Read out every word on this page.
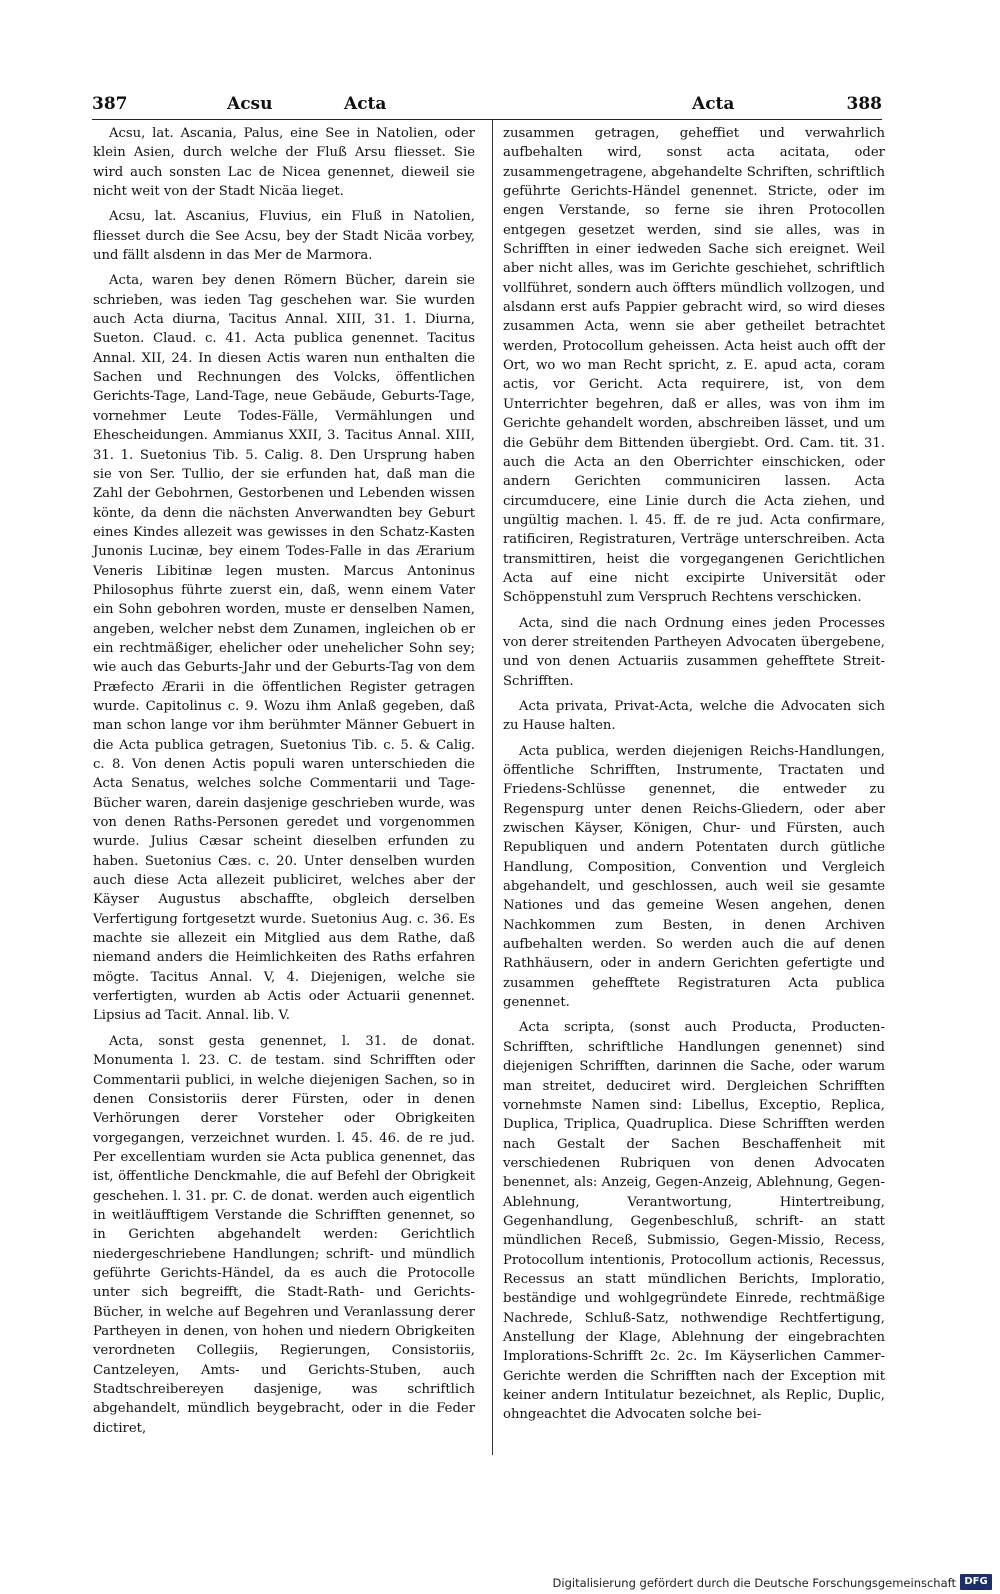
387	Acsu	Acta	Acta	388

Acsu, lat. Ascania, Palus, eine See in Natolien, oder klein Asien, durch welche der Fluß Arsu fliesset. Sie wird auch sonsten Lac de Nicea genennet, dieweil sie nicht weit von der Stadt Nicäa lieget.

Acsu, lat. Ascanius, Fluvius, ein Fluß in Natolien, fliesset durch die See Acsu, bey der Stadt Nicäa vorbey, und fällt alsdenn in das Mer de Marmora.

Acta, waren bey denen Römern Bücher, darein sie schrieben, was ieden Tag geschehen war. Sie wurden auch Acta diurna, Tacitus Annal. XIII, 31. 1. Diurna, Sueton. Claud. c. 41. Acta publica genennet. Tacitus Annal. XII, 24. In diesen Actis waren nun enthalten die Sachen und Rechnungen des Volcks, öffentlichen Gerichts-Tage, Land-Tage, neue Gebäude, Geburts-Tage, vornehmer Leute Todes-Fälle, Vermählungen und Ehescheidungen. Ammianus XXII, 3. Tacitus Annal. XIII, 31. 1. Suetonius Tib. 5. Calig. 8. Den Ursprung haben sie von Ser. Tullio, der sie erfunden hat, daß man die Zahl der Gebohrnen, Gestorbenen und Lebenden wissen könte, da denn die nächsten Anverwandten bey Geburt eines Kindes allezeit was gewisses in den Schatz-Kasten Junonis Lucinæ, bey einem Todes-Falle in das Ærarium Veneris Libitinæ legen musten. Marcus Antoninus Philosophus führte zuerst ein, daß, wenn einem Vater ein Sohn gebohren worden, muste er denselben Namen, angeben, welcher nebst dem Zunamen, ingleichen ob er ein rechtmäßiger, ehelicher oder unehelicher Sohn sey; wie auch das Geburts-Jahr und der Geburts-Tag von dem Præfecto Ærarii in die öffentlichen Register getragen wurde. Capitolinus c. 9. Wozu ihm Anlaß gegeben, daß man schon lange vor ihm berühmter Männer Gebuert in die Acta publica getragen, Suetonius Tib. c. 5. & Calig. c. 8. Von denen Actis populi waren unterschieden die Acta Senatus, welches solche Commentarii und Tage-Bücher waren, darein dasjenige geschrieben wurde, was von denen Raths-Personen geredet und vorgenommen wurde. Julius Cæsar scheint dieselben erfunden zu haben. Suetonius Cæs. c. 20. Unter denselben wurden auch diese Acta allezeit publiciret, welches aber der Käyser Augustus abschaffte, obgleich derselben Verfertigung fortgesetzt wurde. Suetonius Aug. c. 36. Es machte sie allezeit ein Mitglied aus dem Rathe, daß niemand anders die Heimlichkeiten des Raths erfahren mögte. Tacitus Annal. V, 4. Diejenigen, welche sie verfertigten, wurden ab Actis oder Actuarii genennet. Lipsius ad Tacit. Annal. lib. V.

Acta, sonst gesta genennet, l. 31. de donat. Monumenta l. 23. C. de testam. sind Schrifften oder Commentarii publici, in welche diejenigen Sachen, so in denen Consistoriis derer Fürsten, oder in denen Verhörungen derer Vorsteher oder Obrigkeiten vorgegangen, verzeichnet wurden. l. 45. 46. de re jud. Per excellentiam wurden sie Acta publica genennet, das ist, öffentliche Denckmahle, die auf Befehl der Obrigkeit geschehen. l. 31. pr. C. de donat. werden auch eigentlich in weitläufftigem Verstande die Schrifften genennet, so in Gerichten abgehandelt werden: Gerichtlich niedergeschriebene Handlungen; schrift- und mündlich geführte Gerichts-Händel, da es auch die Protocolle unter sich begreifft, die Stadt-Rath- und Gerichts-Bücher, in welche auf Begehren und Veranlassung derer Partheyen in denen, von hohen und niedern Obrigkeiten verordneten Collegiis, Regierungen, Consistoriis, Cantzeleyen, Amts- und Gerichts-Stuben, auch Stadtschreibereyen dasjenige, was schriftlich abgehandelt, mündlich beygebracht, oder in die Feder dictiret,

zusammen getragen, geheffiet und verwahrlich aufbehalten wird, sonst acta acitata, oder zusammengetragene, abgehandelte Schriften, schriftlich geführte Gerichts-Händel genennet. Stricte, oder im engen Verstande, so ferne sie ihren Protocollen entgegen gesetzet werden, sind sie alles, was in Schrifften in einer iedweden Sache sich ereignet. Weil aber nicht alles, was im Gerichte geschiehet, schriftlich vollführet, sondern auch öffters mündlich vollzogen, und alsdann erst aufs Pappier gebracht wird, so wird dieses zusammen Acta, wenn sie aber getheilet betrachtet werden, Protocollum geheissen. Acta heist auch offt der Ort, wo wo man Recht spricht, z. E. apud acta, coram actis, vor Gericht. Acta requirere, ist, von dem Unterrichter begehren, daß er alles, was von ihm im Gerichte gehandelt worden, abschreiben lässet, und um die Gebühr dem Bittenden übergiebt. Ord. Cam. tit. 31. auch die Acta an den Oberrichter einschicken, oder andern Gerichten communiciren lassen. Acta circumducere, eine Linie durch die Acta ziehen, und ungültig machen. l. 45. ff. de re jud. Acta confirmare, ratificiren, Registraturen, Verträge unterschreiben. Acta transmittiren, heist die vorgegangenen Gerichtlichen Acta auf eine nicht excipirte Universität oder Schöppenstuhl zum Verspruch Rechtens verschicken.

Acta, sind die nach Ordnung eines jeden Processes von derer streitenden Partheyen Advocaten übergebene, und von denen Actuariis zusammen gehefftete Streit-Schrifften.

Acta privata, Privat-Acta, welche die Advocaten sich zu Hause halten.

Acta publica, werden diejenigen Reichs-Handlungen, öffentliche Schrifften, Instrumente, Tractaten und Friedens-Schlüsse genennet, die entweder zu Regenspurg unter denen Reichs-Gliedern, oder aber zwischen Käyser, Königen, Chur- und Fürsten, auch Republiquen und andern Potentaten durch gütliche Handlung, Composition, Convention und Vergleich abgehandelt, und geschlossen, auch weil sie gesamte Nationes und das gemeine Wesen angehen, denen Nachkommen zum Besten, in denen Archiven aufbehalten werden. So werden auch die auf denen Rathhäusern, oder in andern Gerichten gefertigte und zusammen gehefftete Registraturen Acta publica genennet.

Acta scripta, (sonst auch Producta, Producten-Schrifften, schriftliche Handlungen genennet) sind diejenigen Schrifften, darinnen die Sache, oder warum man streitet, deduciret wird. Dergleichen Schrifften vornehmste Namen sind: Libellus, Exceptio, Replica, Duplica, Triplica, Quadruplica. Diese Schrifften werden nach Gestalt der Sachen Beschaffenheit mit verschiedenen Rubriquen von denen Advocaten benennet, als: Anzeig, Gegen-Anzeig, Ablehnung, Gegen-Ablehnung, Verantwortung, Hintertreibung, Gegenhandlung, Gegenbeschluß, schrift- an statt mündlichen Receß, Submissio, Gegen-Missio, Recess, Protocollum intentionis, Protocollum actionis, Recessus, Recessus an statt mündlichen Berichts, Imploratio, beständige und wohlgegründete Einrede, rechtmäßige Nachrede, Schluß-Satz, nothwendige Rechtfertigung, Anstellung der Klage, Ablehnung der eingebrachten Implorations-Schrifft 2c. 2c. Im Käyserlichen Cammer-Gerichte werden die Schrifften nach der Exception mit keiner andern Intitulatur bezeichnet, als Replic, Duplic, ohngeachtet die Advocaten solche bei-

Digitalisierung gefördert durch die Deutsche Forschungsgemeinschaft DFG
